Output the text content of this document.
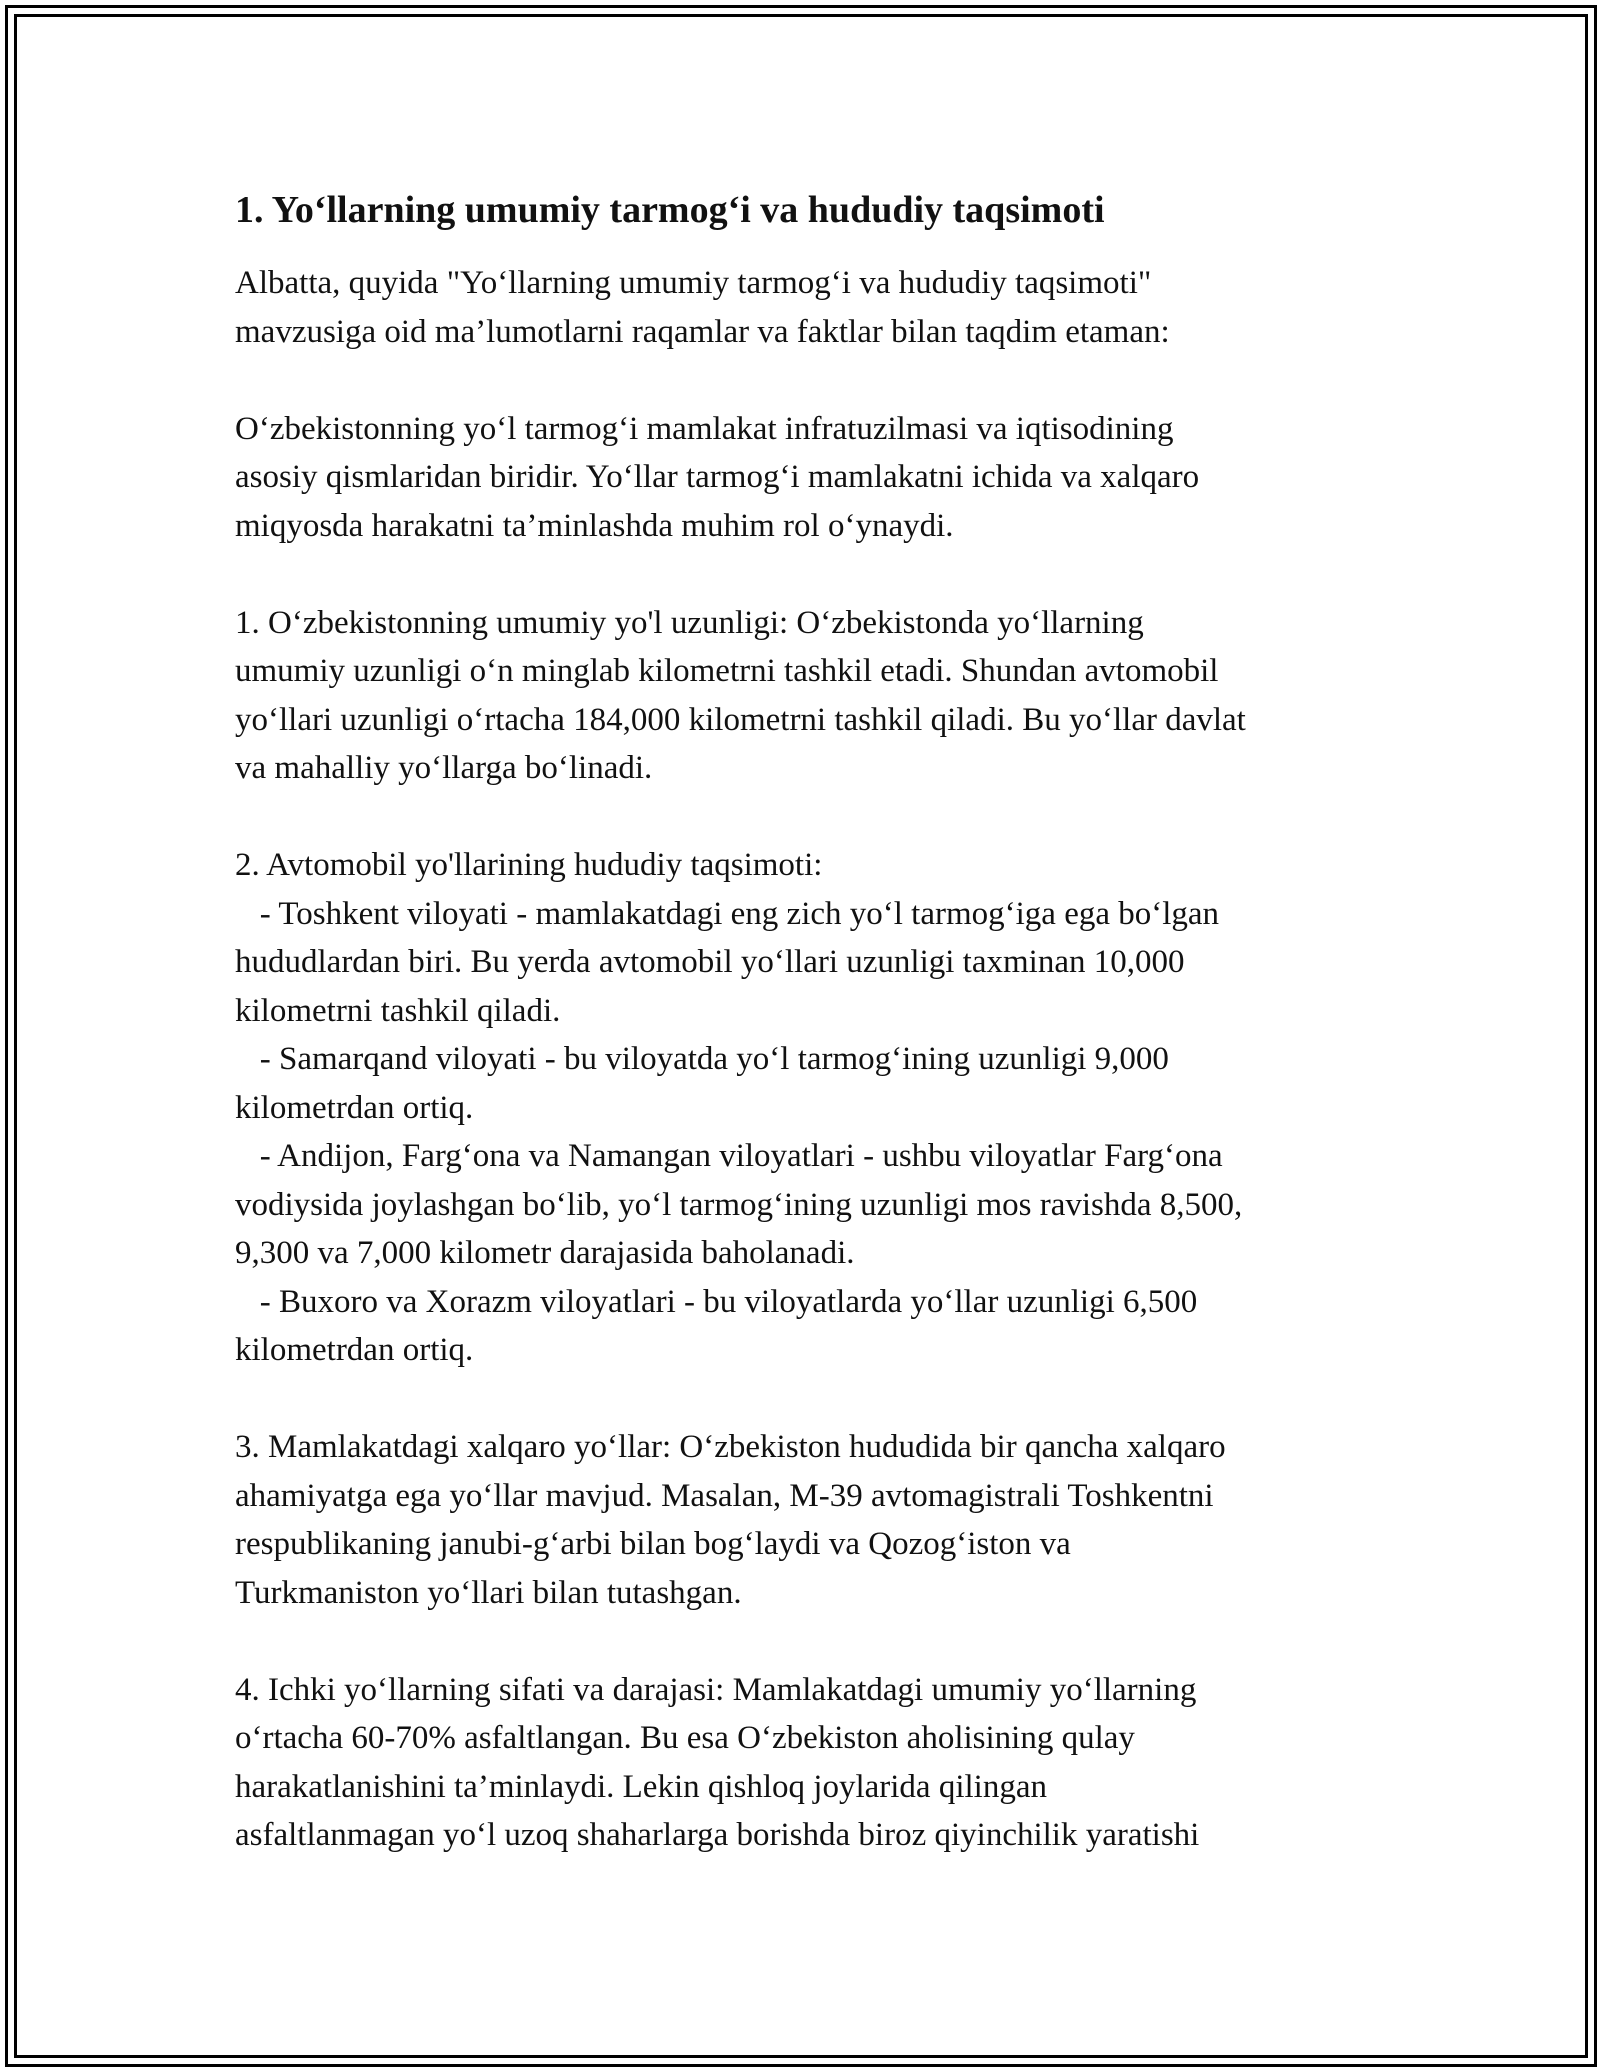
1. Yo‘llarning umumiy tarmog‘i va hududiy taqsimoti
Albatta, quyida "Yo‘llarning umumiy tarmog‘i va hududiy taqsimoti"
mavzusiga oid ma’lumotlarni raqamlar va faktlar bilan taqdim etaman:
O‘zbekistonning yo‘l tarmog‘i mamlakat infratuzilmasi va iqtisodining
asosiy qismlaridan biridir. Yo‘llar tarmog‘i mamlakatni ichida va xalqaro
miqyosda harakatni ta’minlashda muhim rol o‘ynaydi.
1. O‘zbekistonning umumiy yo'l uzunligi: O‘zbekistonda yo‘llarning
umumiy uzunligi o‘n minglab kilometrni tashkil etadi. Shundan avtomobil
yo‘llari uzunligi o‘rtacha 184,000 kilometrni tashkil qiladi. Bu yo‘llar davlat
va mahalliy yo‘llarga bo‘linadi.
2. Avtomobil yo'llarining hududiy taqsimoti:
- Toshkent viloyati - mamlakatdagi eng zich yo‘l tarmog‘iga ega bo‘lgan
hududlardan biri. Bu yerda avtomobil yo‘llari uzunligi taxminan 10,000
kilometrni tashkil qiladi.
- Samarqand viloyati - bu viloyatda yo‘l tarmog‘ining uzunligi 9,000
kilometrdan ortiq.
- Andijon, Farg‘ona va Namangan viloyatlari - ushbu viloyatlar Farg‘ona
vodiysida joylashgan bo‘lib, yo‘l tarmog‘ining uzunligi mos ravishda 8,500,
9,300 va 7,000 kilometr darajasida baholanadi.
- Buxoro va Xorazm viloyatlari - bu viloyatlarda yo‘llar uzunligi 6,500
kilometrdan ortiq.
3. Mamlakatdagi xalqaro yo‘llar: O‘zbekiston hududida bir qancha xalqaro
ahamiyatga ega yo‘llar mavjud. Masalan, M-39 avtomagistrali Toshkentni
respublikaning janubi-g‘arbi bilan bog‘laydi va Qozog‘iston va
Turkmaniston yo‘llari bilan tutashgan.
4. Ichki yo‘llarning sifati va darajasi: Mamlakatdagi umumiy yo‘llarning
o‘rtacha 60-70% asfaltlangan. Bu esa O‘zbekiston aholisining qulay
harakatlanishini ta’minlaydi. Lekin qishloq joylarida qilingan
asfaltlanmagan yo‘l uzoq shaharlarga borishda biroz qiyinchilik yaratishi
